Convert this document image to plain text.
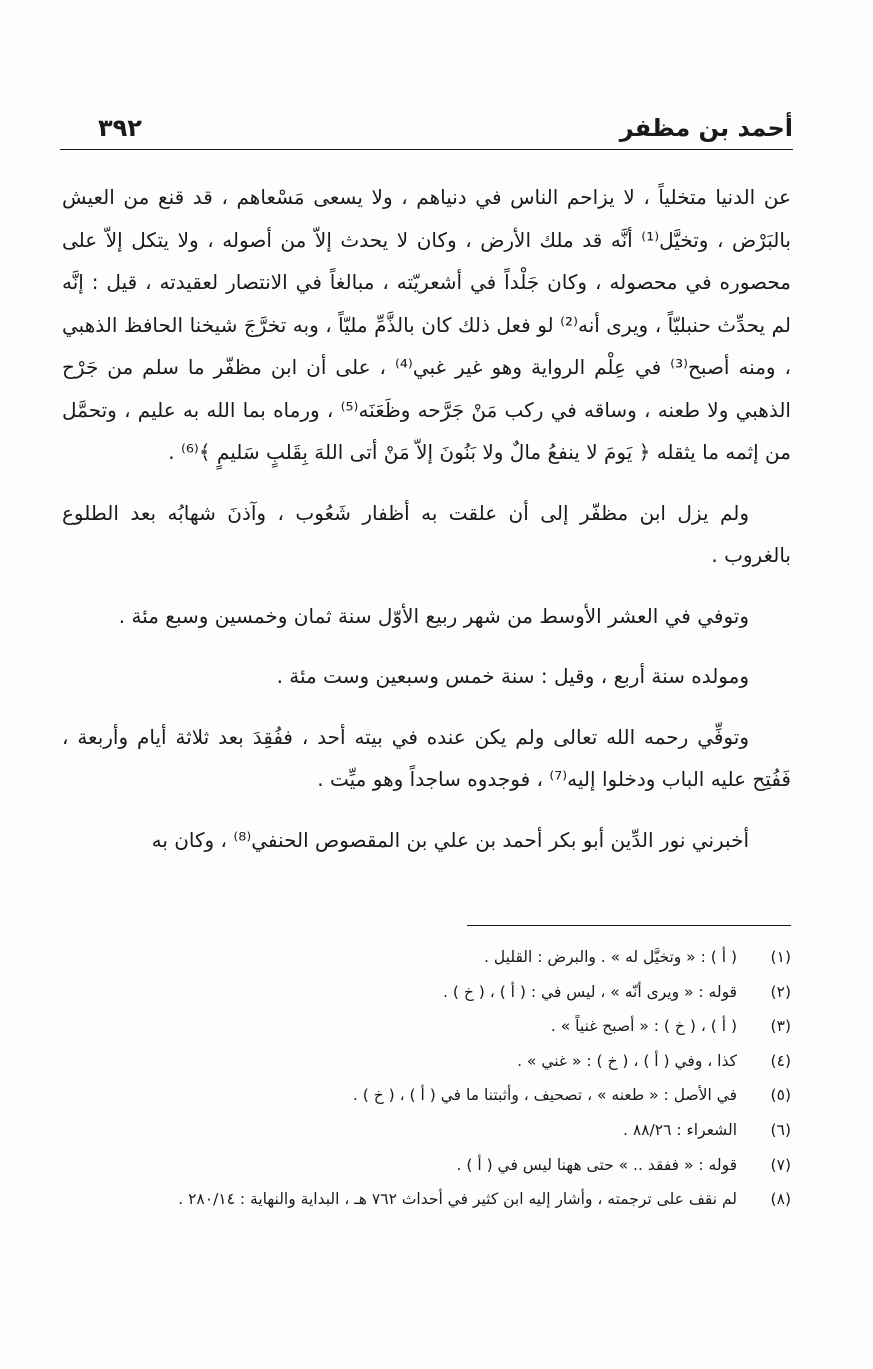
أحمد بن مظفر
٣٩٢

عن الدنيا متخلياً ، لا يزاحم الناس في دنياهم ، ولا يسعى مَسْعاهم ، قد قنع من العيش بالبَرْض ، وتخيَّل⁽¹⁾ أنَّه قد ملك الأرض ، وكان لا يحدث إلاّ من أصوله ، ولا يتكل إلاّ على محصوره في محصوله ، وكان جَلْداً في أشعريّته ، مبالغاً في الانتصار لعقيدته ، قيل : إنَّه لم يحدِّث حنبليّاً ، ويرى أنه⁽²⁾ لو فعل ذلك كان بالذَّمِّ مليّاً ، وبه تخرَّجَ شيخنا الحافظ الذهبي ، ومنه أصبح⁽³⁾ في عِلْم الرواية وهو غير غبي⁽⁴⁾ ، على أن ابن مظفّر ما سلم من جَرْح الذهبي ولا طعنه ، وساقه في ركب مَنْ جَرَّحه وظَعَنَه⁽⁵⁾ ، ورماه بما الله به عليم ، وتحمَّل من إثمه ما يثقله ﴿ يَومَ لا ينفعُ مالٌ ولا بَنُونَ إلاّ مَنْ أتى اللهَ بِقَلبٍ سَليمٍ ﴾⁽⁶⁾ .

ولم يزل ابن مظفّر إلى أن علقت به أظفار شَعُوب ، وآذنَ شهابُه بعد الطلوع بالغروب .

وتوفي في العشر الأوسط من شهر ربيع الأوّل سنة ثمان وخمسين وسبع مئة .

ومولده سنة أربع ، وقيل : سنة خمس وسبعين وست مئة .

وتوفِّي رحمه الله تعالى ولم يكن عنده في بيته أحد ، ففُقِدَ بعد ثلاثة أيام وأربعة ، فَفُتِح عليه الباب ودخلوا إليه⁽⁷⁾ ، فوجدوه ساجداً وهو ميِّت .

أخبرني نور الدِّين أبو بكر أحمد بن علي بن المقصوص الحنفي⁽⁸⁾ ، وكان به

(١)
( أ ) : « وتخيَّل له » . والبرض : القليل .
(٢)
قوله : « ويرى أنّه » ، ليس في : ( أ ) ، ( خ ) .
(٣)
( أ ) ، ( خ ) : « أصبح غنياً » .
(٤)
كذا ، وفي ( أ ) ، ( خ ) : « غني » .
(٥)
في الأصل : « طعنه » ، تصحيف ، وأثبتنا ما في ( أ ) ، ( خ ) .
(٦)
الشعراء : ٨٨/٢٦ .
(٧)
قوله : « ففقد .. » حتى ههنا ليس في ( أ ) .
(٨)
لم نقف على ترجمته ، وأشار إليه ابن كثير في أحداث ٧٦٢ هـ ، البداية والنهاية : ٢٨٠/١٤ .
